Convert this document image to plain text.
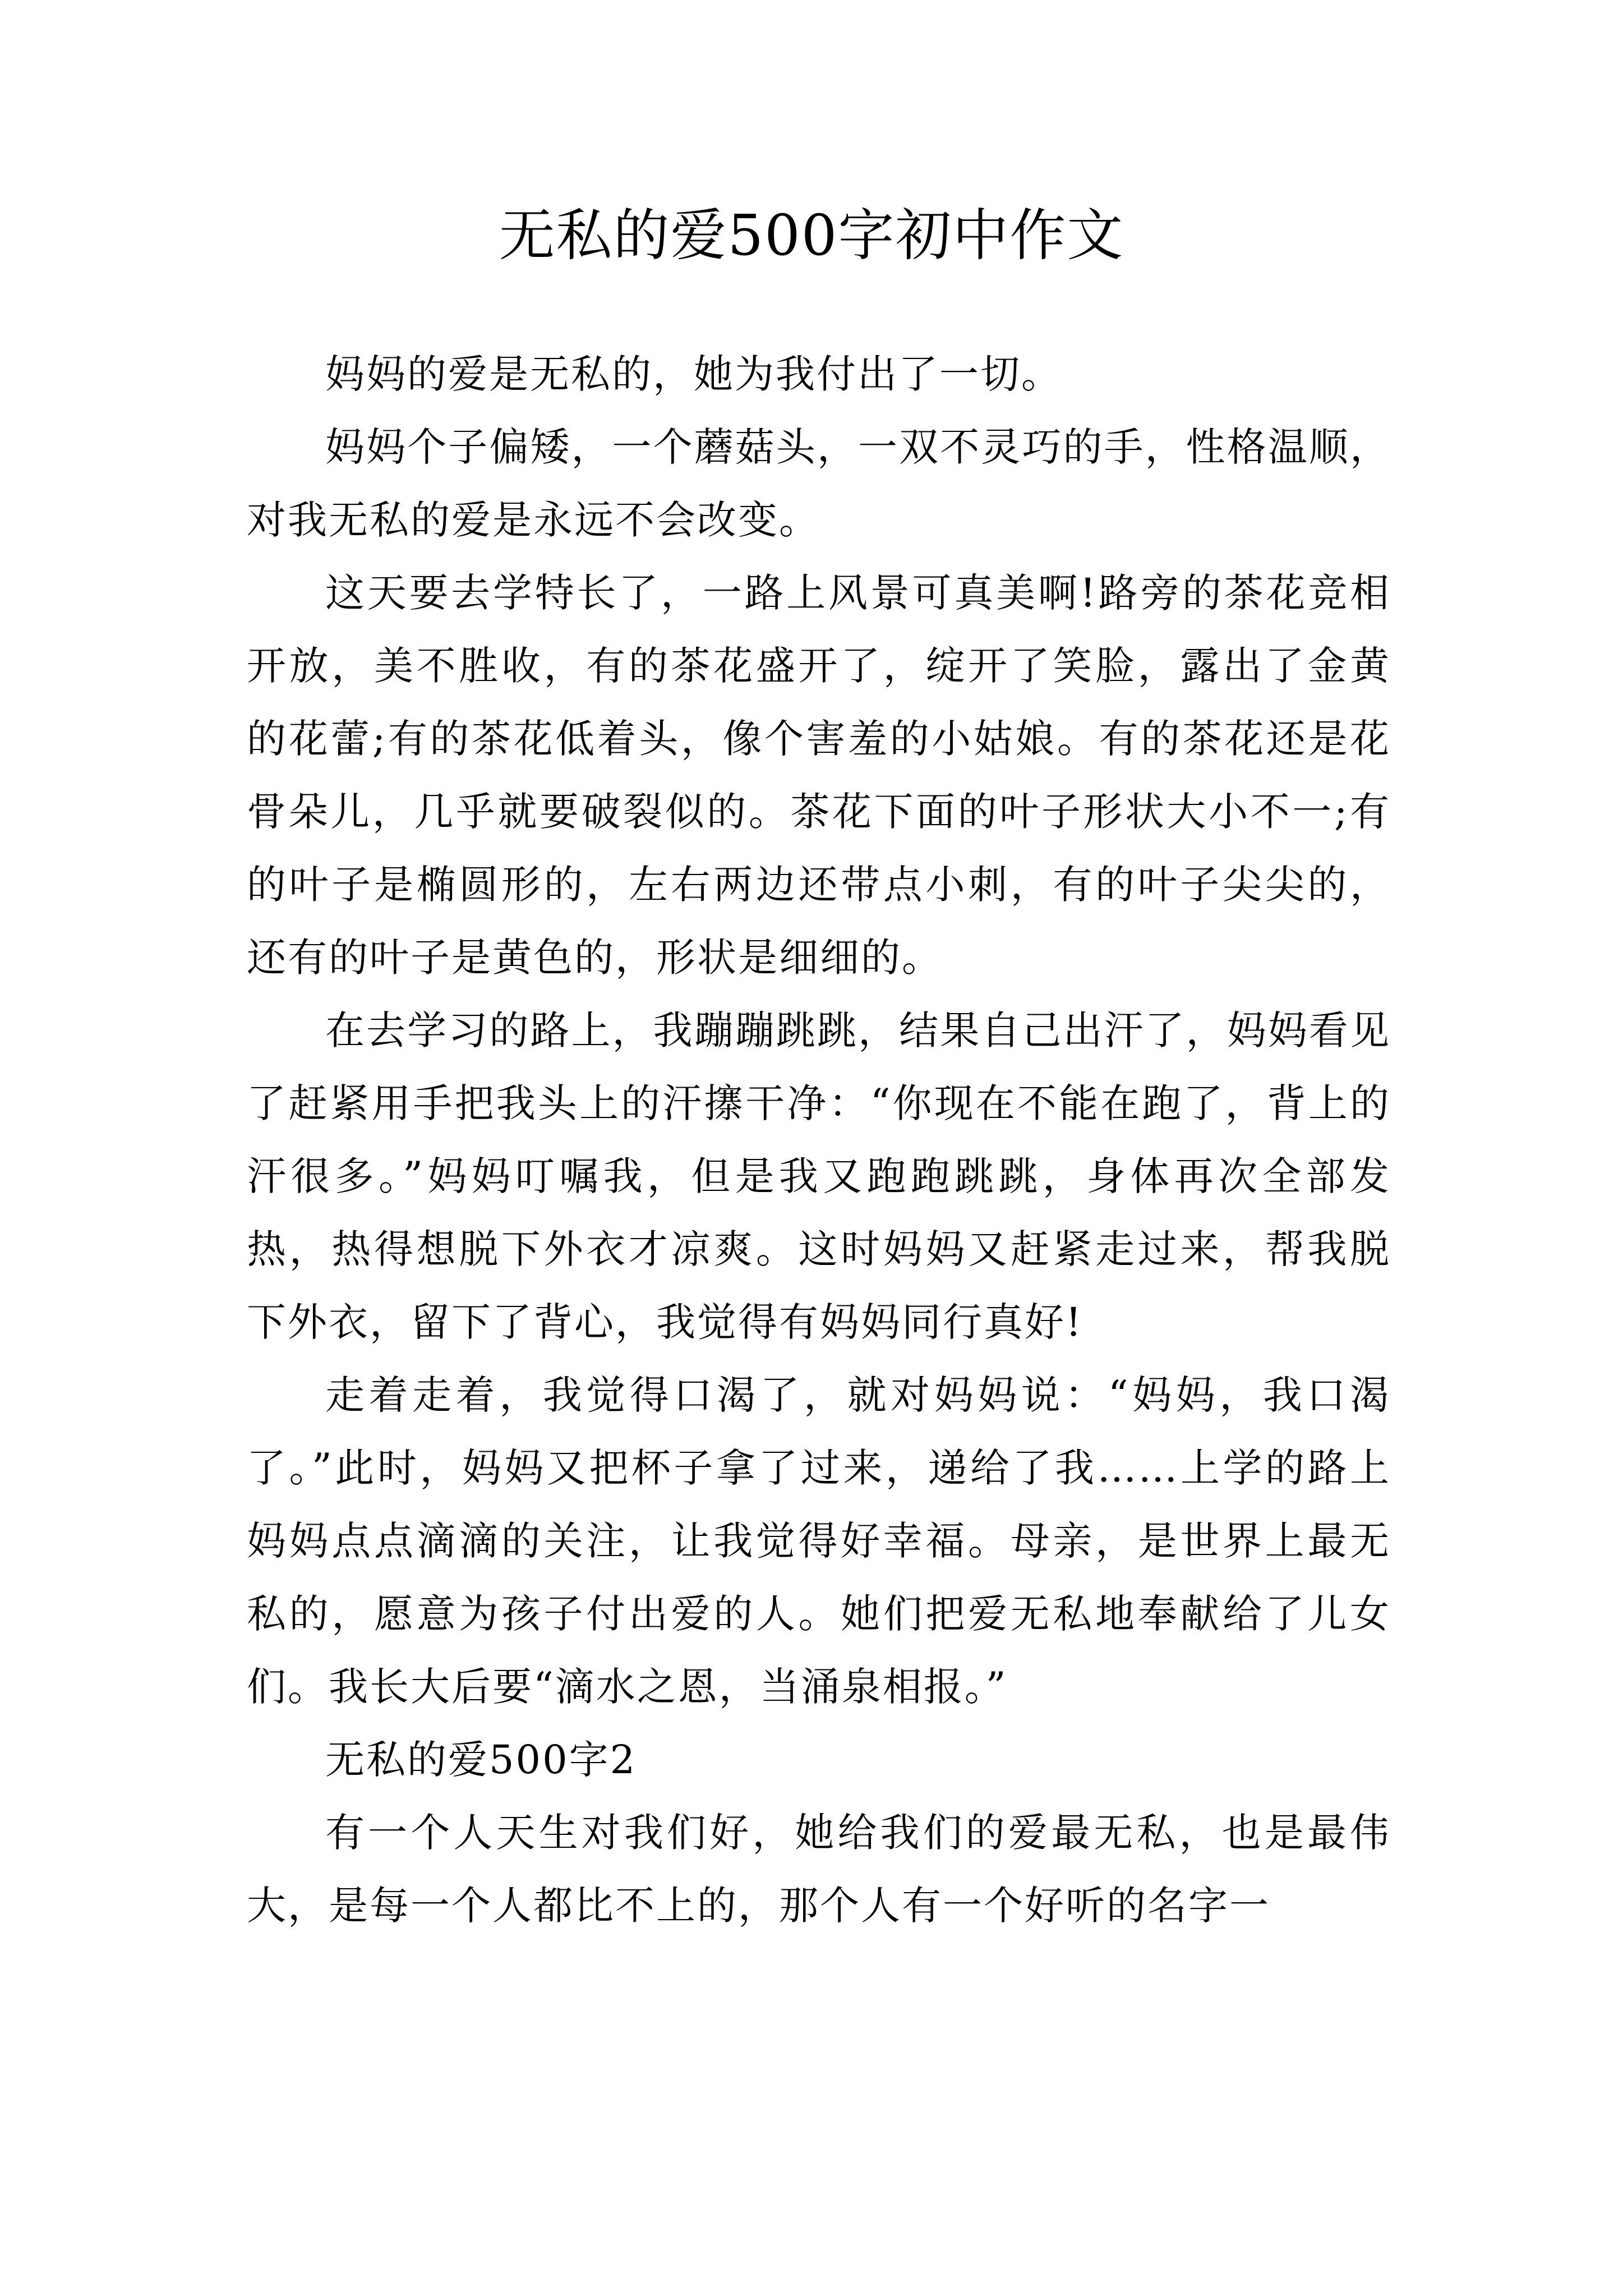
无私的爱500字初中作文

妈妈的爱是无私的，她为我付出了一切。

妈妈个子偏矮，一个蘑菇头，一双不灵巧的手，性格温顺，对我无私的爱是永远不会改变。

这天要去学特长了，一路上风景可真美啊!路旁的茶花竞相开放，美不胜收，有的茶花盛开了，绽开了笑脸，露出了金黄的花蕾;有的茶花低着头，像个害羞的小姑娘。有的茶花还是花骨朵儿，几乎就要破裂似的。茶花下面的叶子形状大小不一;有的叶子是椭圆形的，左右两边还带点小刺，有的叶子尖尖的，还有的叶子是黄色的，形状是细细的。

在去学习的路上，我蹦蹦跳跳，结果自己出汗了，妈妈看见了赶紧用手把我头上的汗㩟干净：“你现在不能在跑了，背上的汗很多。”妈妈叮嘱我，但是我又跑跑跳跳，身体再次全部发热，热得想脱下外衣才凉爽。这时妈妈又赶紧走过来，帮我脱下外衣，留下了背心，我觉得有妈妈同行真好!

走着走着，我觉得口渴了，就对妈妈说：“妈妈，我口渴了。”此时，妈妈又把杯子拿了过来，递给了我……上学的路上妈妈点点滴滴的关注，让我觉得好幸福。母亲，是世界上最无私的，愿意为孩子付出爱的人。她们把爱无私地奉献给了儿女们。我长大后要“滴水之恩，当涌泉相报。”

无私的爱500字2

有一个人天生对我们好，她给我们的爱最无私，也是最伟大，是每一个人都比不上的，那个人有一个好听的名字一
